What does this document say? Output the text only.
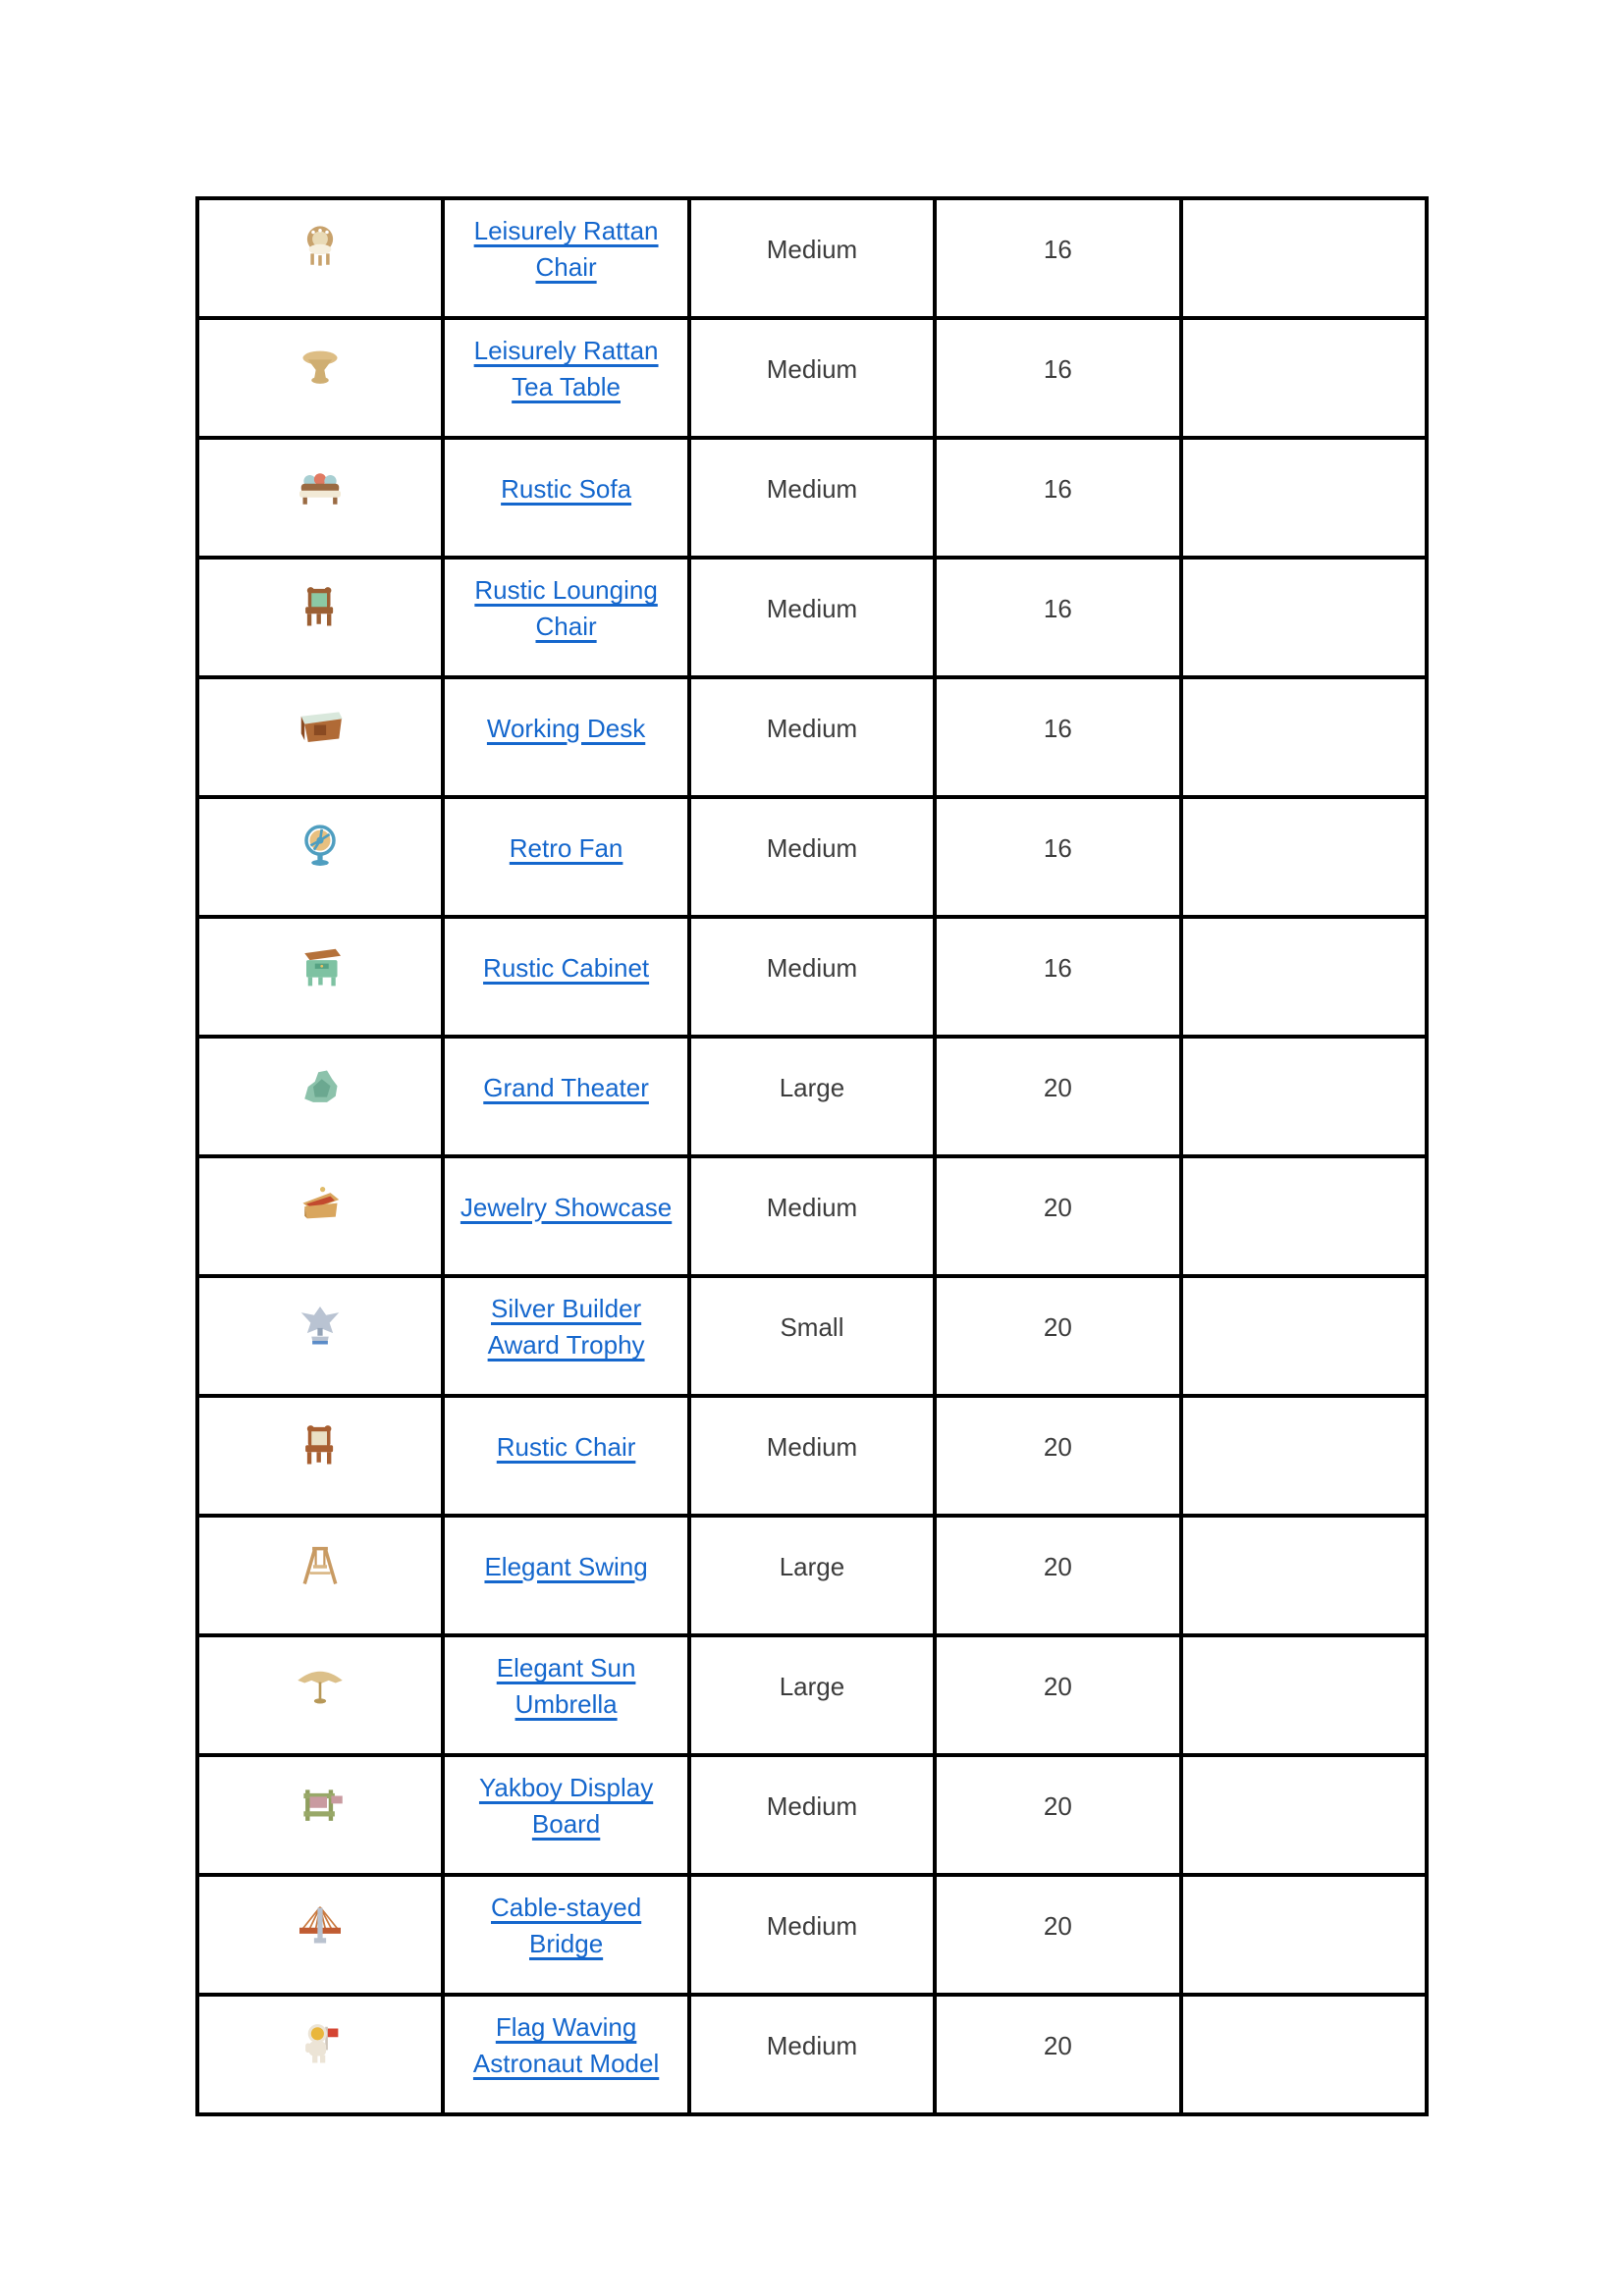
Leisurely Rattan
Chair	Medium	16	

Leisurely Rattan
Tea Table	Medium	16	

Rustic Sofa	Medium	16	

Rustic Lounging
Chair	Medium	16	

Working Desk	Medium	16	

Retro Fan	Medium	16	

Rustic Cabinet	Medium	16	

Grand Theater	Large	20	

Jewelry Showcase	Medium	20	

Silver Builder
Award Trophy	Small	20	

Rustic Chair	Medium	20	

Elegant Swing	Large	20	

Elegant Sun
Umbrella	Large	20	

Yakboy Display
Board	Medium	20	

Cable-stayed
Bridge	Medium	20	

Flag Waving
Astronaut Model	Medium	20	
